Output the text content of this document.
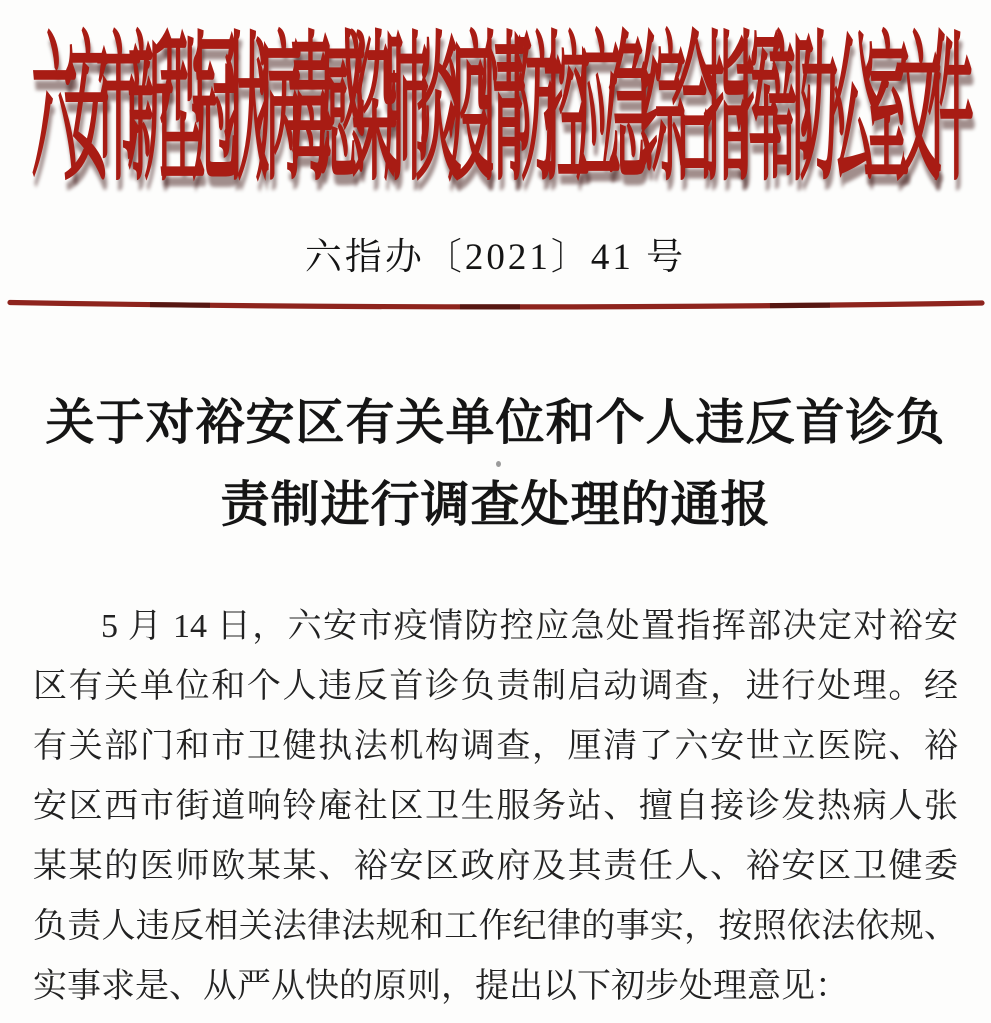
六安市新型冠状病毒感染肺炎疫情防控应急综合指挥部办公室文件
六指办〔2021〕41 号
关于对裕安区有关单位和个人违反首诊负
责制进行调查处理的通报
5 月 14 日，六安市疫情防控应急处置指挥部决定对裕安
区有关单位和个人违反首诊负责制启动调查，进行处理。经
有关部门和市卫健执法机构调查，厘清了六安世立医院、裕
安区西市街道响铃庵社区卫生服务站、擅自接诊发热病人张
某某的医师欧某某、裕安区政府及其责任人、裕安区卫健委
负责人违反相关法律法规和工作纪律的事实，按照依法依规、
实事求是、从严从快的原则，提出以下初步处理意见：
